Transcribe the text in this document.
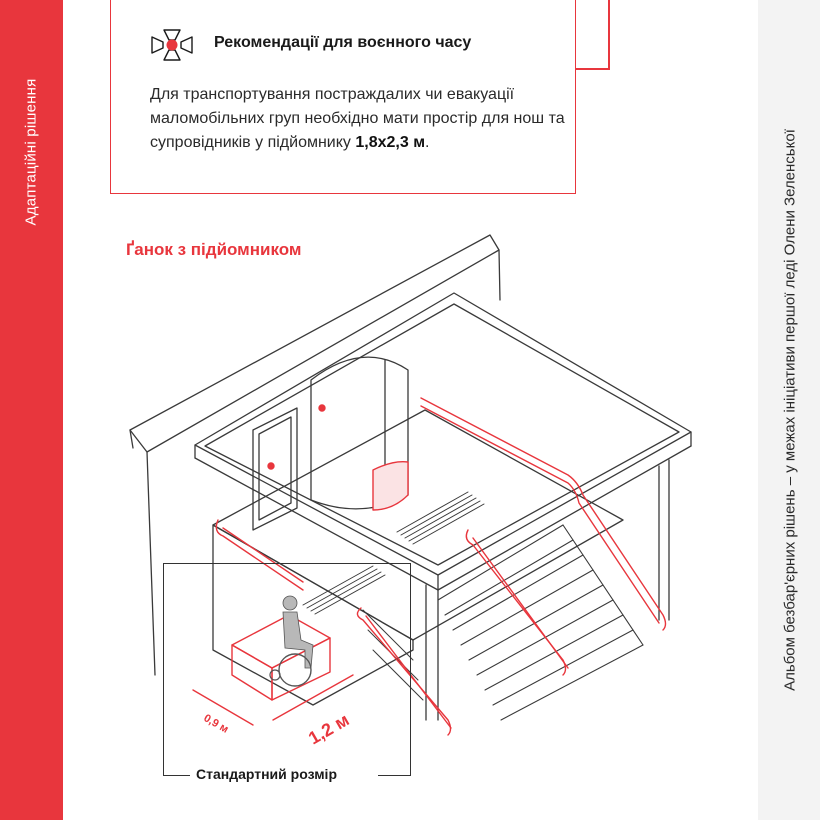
Адаптаційні рішення	Альбом безбар'єрних рішень – у межах ініціативи першої леді Олени Зеленської
Рекомендації для воєнного часу
Для транспортування постраждалих чи евакуації маломобільних груп необхідно мати простір для нош та супровідників у підйомнику 1,8х2,3 м.
Ґанок з підйомником
0,9 м	1,2 м
Стандартний розмір
